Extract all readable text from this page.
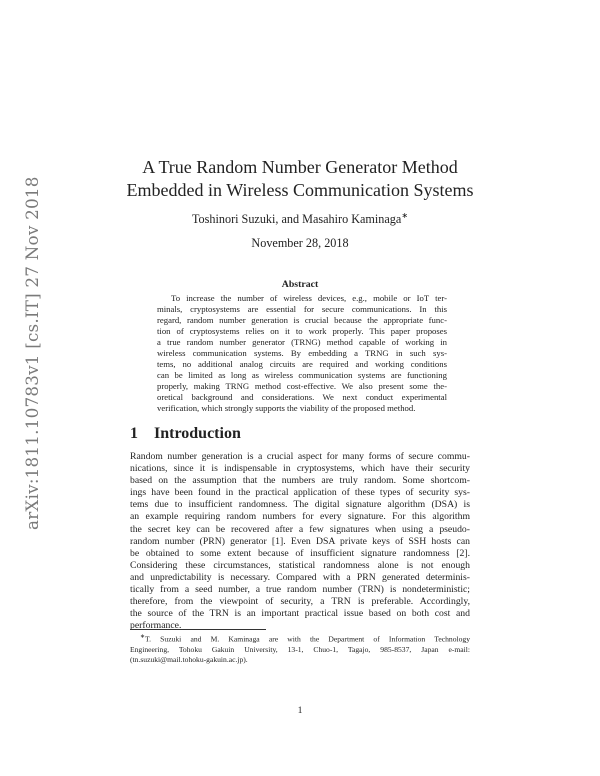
arXiv:1811.10783v1 [cs.IT] 27 Nov 2018
A True Random Number Generator Method
Embedded in Wireless Communication Systems
Toshinori Suzuki, and Masahiro Kaminaga∗
November 28, 2018
Abstract
To increase the number of wireless devices, e.g., mobile or IoT ter-
minals, cryptosystems are essential for secure communications. In this
regard, random number generation is crucial because the appropriate func-
tion of cryptosystems relies on it to work properly. This paper proposes
a true random number generator (TRNG) method capable of working in
wireless communication systems. By embedding a TRNG in such sys-
tems, no additional analog circuits are required and working conditions
can be limited as long as wireless communication systems are functioning
properly, making TRNG method cost-effective. We also present some the-
oretical background and considerations. We next conduct experimental
verification, which strongly supports the viability of the proposed method.
1 Introduction
Random number generation is a crucial aspect for many forms of secure commu-
nications, since it is indispensable in cryptosystems, which have their security
based on the assumption that the numbers are truly random. Some shortcom-
ings have been found in the practical application of these types of security sys-
tems due to insufficient randomness. The digital signature algorithm (DSA) is
an example requiring random numbers for every signature. For this algorithm
the secret key can be recovered after a few signatures when using a pseudo-
random number (PRN) generator [1]. Even DSA private keys of SSH hosts can
be obtained to some extent because of insufficient signature randomness [2].
Considering these circumstances, statistical randomness alone is not enough
and unpredictability is necessary. Compared with a PRN generated determinis-
tically from a seed number, a true random number (TRN) is nondeterministic;
therefore, from the viewpoint of security, a TRN is preferable. Accordingly,
the source of the TRN is an important practical issue based on both cost and
performance.
∗T. Suzuki and M. Kaminaga are with the Department of Information Technology
Engineering, Tohoku Gakuin University, 13-1, Chuo-1, Tagajo, 985-8537, Japan e-mail:
(tn.suzuki@mail.tohoku-gakuin.ac.jp).
1
